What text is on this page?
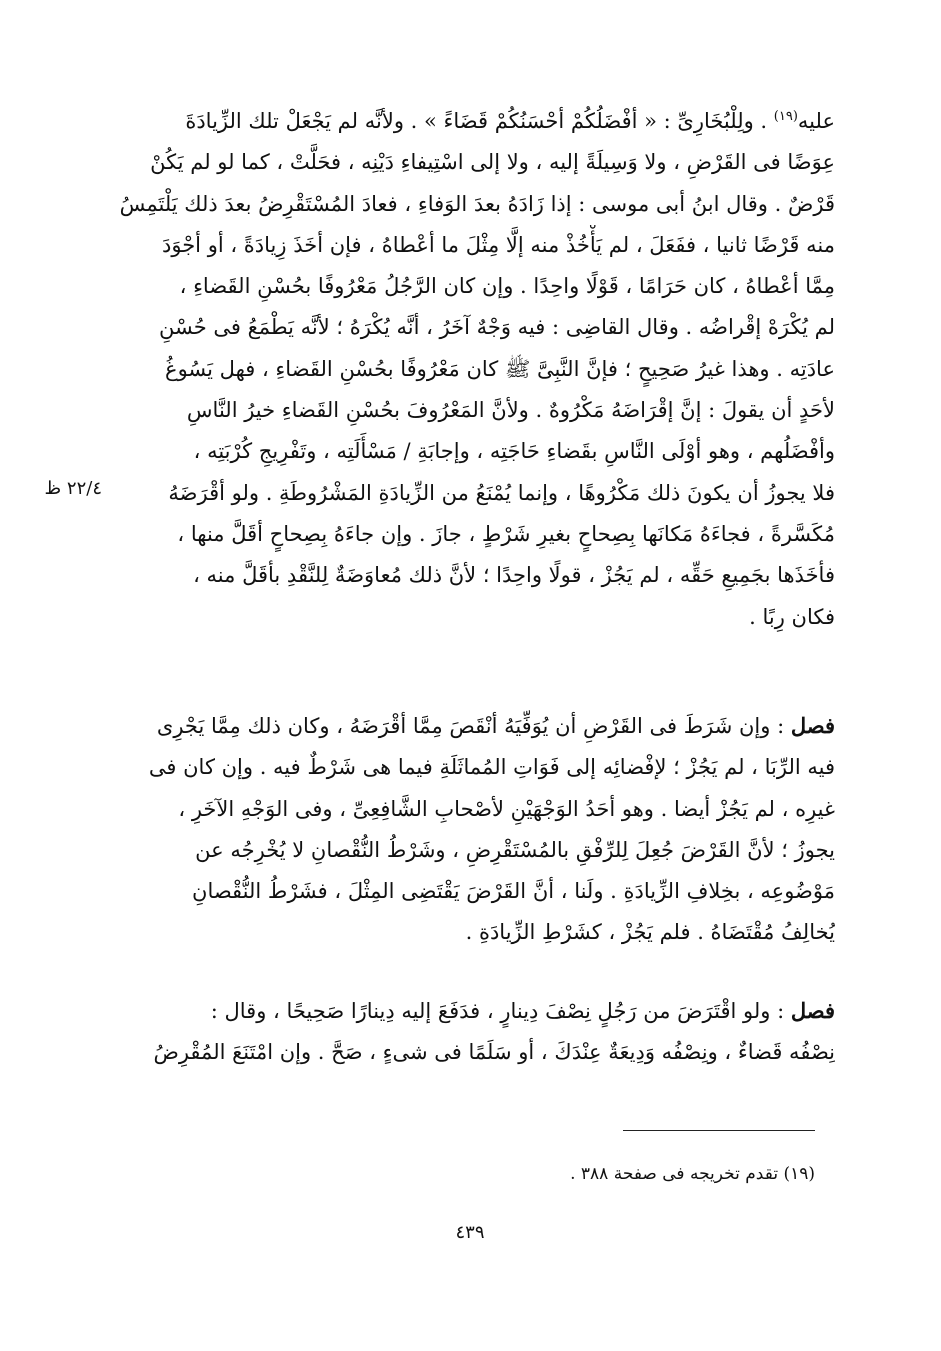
عليه$^{(١٩)}$ . ولِلْبُخَارِىِّ : « أفْضَلُكُمْ أحْسَنُكُمْ قَضَاءً » . ولأنَّه لم يَجْعَلْ تلك الزِّيادَةَ
عِوَضًا فى القَرْضِ ، ولا وَسِيلَةً إليه ، ولا إلى اسْتِيفاءِ دَيْنِه ، فحَلَّتْ ، كما لو لم يَكُنْ
قَرْضٌ . وقال ابنُ أبى موسى : إذا زَادَهُ بعدَ الوَفاءِ ، فعادَ المُسْتَقْرِضُ بعدَ ذلك يَلْتَمِسُ
منه قَرْضًا ثانيا ، ففَعَلَ ، لم يَأْخُذْ منه إلَّا مِثْلَ ما أعْطاهُ ، فإن أخَذَ زِيادَةً ، أو أجْوَدَ
مِمَّا أعْطاهُ ، كان حَرَامًا ، قَوْلًا واحِدًا . وإن كان الرَّجُلُ مَعْرُوفًا بحُسْنِ القَضاءِ ،
لم يُكْرَهْ إقْراضُه . وقال القاضِى : فيه وَجْهٌ آخَرُ ، أنَّه يُكْرَهُ ؛ لأنَّه يَطْمَعُ فى حُسْنِ
عادَتِه . وهذا غيرُ صَحِيحٍ ؛ فإنَّ النَّبِىَّ ﷺ كان مَعْرُوفًا بحُسْنِ القَضاءِ ، فهل يَسُوغُ
لأحَدٍ أن يقولَ : إنَّ إقْرَاضَهُ مَكْرُوهٌ . ولأنَّ المَعْرُوفَ بحُسْنِ القَضاءِ خيرُ النَّاسِ
وأفْضَلُهم ، وهو أوْلَى النَّاسِ بقَضاءِ حَاجَتِه ، وإجابَةِ / مَسْأَلَتِه ، وتَفْرِيجِ كُرْبَتِه ،
فلا يجوزُ أن يكونَ ذلك مَكْرُوهًا ، وإنما يُمْنَعُ من الزِّيادَةِ المَشْرُوطَةِ . ولو أقْرَضَهُ
مُكَسَّرةً ، فجاءَهُ مَكانَها بِصِحاحٍ بغيرِ شَرْطٍ ، جازَ . وإن جاءَهُ بِصِحاحٍ أقَلَّ منها ،
فأخَذَها بجَمِيعِ حَقِّه ، لم يَجُزْ ، قولًا واحِدًا ؛ لأنَّ ذلك مُعاوَضَةٌ لِلنَّقْدِ بأقَلَّ منه ،
فكان رِبًا .
٢٢/٤ ظ
فصل : وإن شَرَطَ فى القَرْضِ أن يُوَفِّيَهُ أنْقَصَ مِمَّا أقْرَضَهُ ، وكان ذلك مِمَّا يَجْرِى
فيه الرِّبَا ، لم يَجُزْ ؛ لإفْضائِه إلى فَوَاتِ المُماثَلَةِ فيما هى شَرْطٌ فيه . وإن كان فى
غيرِه ، لم يَجُزْ أيضا . وهو أحَدُ الوَجْهَيْنِ لأصْحابِ الشَّافِعِىِّ ، وفى الوَجْهِ الآخَرِ ،
يجوزُ ؛ لأنَّ القَرْضَ جُعِلَ لِلرِّفْقِ بالمُسْتَقْرِضِ ، وشَرْطُ النُّقْصانِ لا يُخْرِجُه عن
مَوْضُوعِه ، بخِلافِ الزِّيادَةِ . ولَنا ، أنَّ القَرْضَ يَقْتَضِى المِثْلَ ، فشَرْطُ النُّقْصانِ
يُخالِفُ مُقْتَضَاهُ . فلم يَجُزْ ، كشَرْطِ الزِّيادَةِ .
فصل : ولو اقْتَرَضَ من رَجُلٍ نِصْفَ دِينارٍ ، فدَفَعَ إليه دِينارًا صَحِيحًا ، وقال :
نِصْفُه قَضاءٌ ، ونِصْفُه وَدِيعَةٌ عِنْدَكَ ، أو سَلَمًا فى شىءٍ ، صَحَّ . وإن امْتَنَعَ المُقْرِضُ
(١٩) تقدم تخريجه فى صفحة ٣٨٨ .
٤٣٩
